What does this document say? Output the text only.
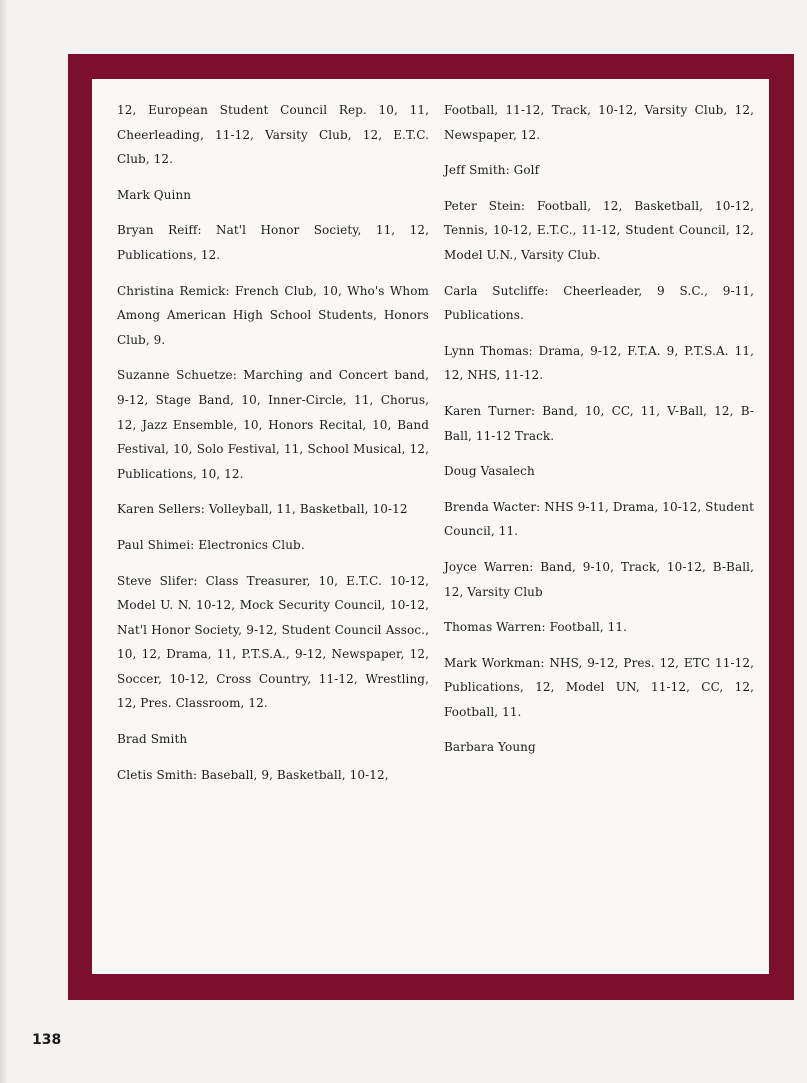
12, European Student Council Rep. 10, 11, Cheerleading, 11-12, Varsity Club, 12, E.T.C. Club, 12.

Mark Quinn

Bryan Reiff: Nat'l Honor Society, 11, 12, Publications, 12.

Christina Remick: French Club, 10, Who's Whom Among American High School Students, Honors Club, 9.

Suzanne Schuetze: Marching and Concert band, 9-12, Stage Band, 10, Inner-Circle, 11, Chorus, 12, Jazz Ensemble, 10, Honors Recital, 10, Band Festival, 10, Solo Festival, 11, School Musical, 12, Publications, 10, 12.

Karen Sellers: Volleyball, 11, Basketball, 10-12

Paul Shimei: Electronics Club.

Steve Slifer: Class Treasurer, 10, E.T.C. 10-12, Model U. N. 10-12, Mock Security Council, 10-12, Nat'l Honor Society, 9-12, Student Council Assoc., 10, 12, Drama, 11, P.T.S.A., 9-12, Newspaper, 12, Soccer, 10-12, Cross Country, 11-12, Wrestling, 12, Pres. Classroom, 12.

Brad Smith

Cletis Smith: Baseball, 9, Basketball, 10-12,

Football, 11-12, Track, 10-12, Varsity Club, 12, Newspaper, 12.

Jeff Smith: Golf

Peter Stein: Football, 12, Basketball, 10-12, Tennis, 10-12, E.T.C., 11-12, Student Council, 12, Model U.N., Varsity Club.

Carla Sutcliffe: Cheerleader, 9 S.C., 9-11, Publications.

Lynn Thomas: Drama, 9-12, F.T.A. 9, P.T.S.A. 11, 12, NHS, 11-12.

Karen Turner: Band, 10, CC, 11, V-Ball, 12, B-Ball, 11-12 Track.

Doug Vasalech

Brenda Wacter: NHS 9-11, Drama, 10-12, Student Council, 11.

Joyce Warren: Band, 9-10, Track, 10-12, B-Ball, 12, Varsity Club

Thomas Warren: Football, 11.

Mark Workman: NHS, 9-12, Pres. 12, ETC 11-12, Publications, 12, Model UN, 11-12, CC, 12, Football, 11.

Barbara Young

138
